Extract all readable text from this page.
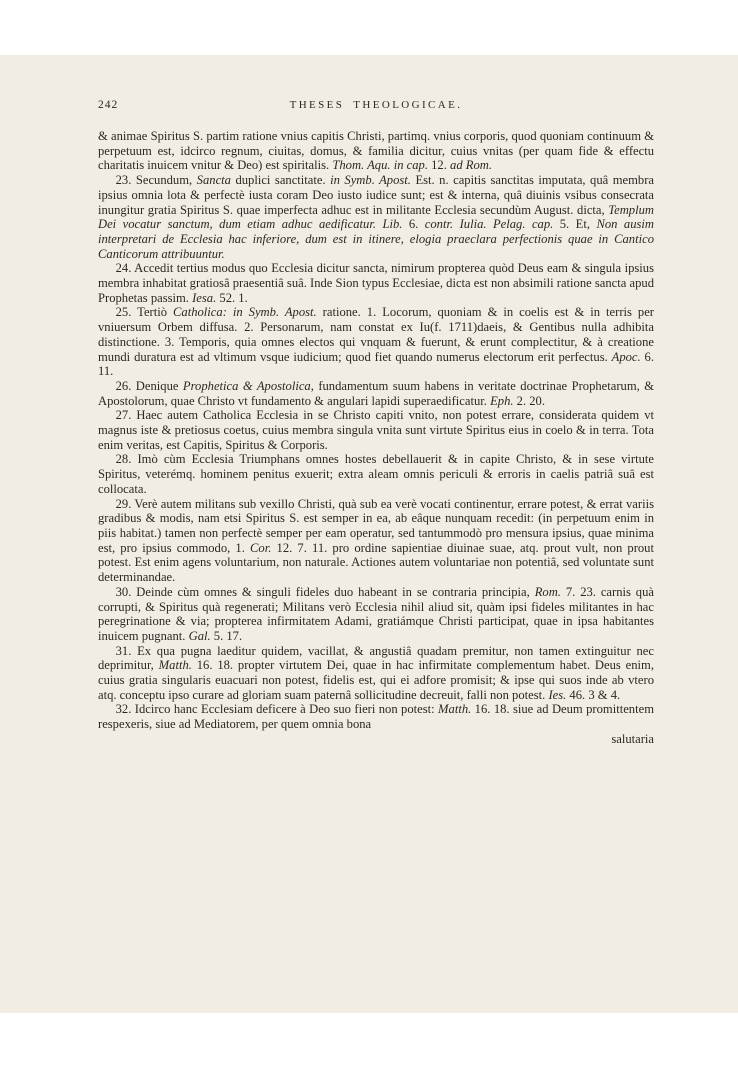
242	THESES THEOLOGICAE.

& animae Spiritus S. partim ratione vnius capitis Christi, partimq. vnius corporis, quod quoniam continuum & perpetuum est, idcirco regnum, ciuitas, domus, & familia dicitur, cuius vnitas (per quam fide & effectu charitatis inuicem vnitur & Deo) est spiritalis. Thom. Aqu. in cap. 12. ad Rom.

23. Secundum, Sancta duplici sanctitate. in Symb. Apost. Est. n. capitis sanctitas imputata, quâ membra ipsius omnia lota & perfectè iusta coram Deo iusto iudice sunt; est & interna, quâ diuinis vsibus consecrata inungitur gratia Spiritus S. quae imperfecta adhuc est in militante Ecclesia secundùm August. dicta, Templum Dei vocatur sanctum, dum etiam adhuc aedificatur. Lib. 6. contr. Iulia. Pelag. cap. 5. Et, Non ausim interpretari de Ecclesia hac inferiore, dum est in itinere, elogia praeclara perfectionis quae in Cantico Canticorum attribuuntur.

24. Accedit tertius modus quo Ecclesia dicitur sancta, nimirum propterea quòd Deus eam & singula ipsius membra inhabitat gratiosâ praesentiâ suâ. Inde Sion typus Ecclesiae, dicta est non absimili ratione sancta apud Prophetas passim. Iesa. 52. 1.

25. Tertiò Catholica: in Symb. Apost. ratione. 1. Locorum, quoniam & in coelis est & in terris per vniuersum Orbem diffusa. 2. Personarum, nam constat ex Iu(f. 1711)daeis, & Gentibus nulla adhibita distinctione. 3. Temporis, quia omnes electos qui vnquam & fuerunt, & erunt complectitur, & à creatione mundi duratura est ad vltimum vsque iudicium; quod fiet quando numerus electorum erit perfectus. Apoc. 6. 11.

26. Denique Prophetica & Apostolica, fundamentum suum habens in veritate doctrinae Prophetarum, & Apostolorum, quae Christo vt fundamento & angulari lapidi superaedificatur. Eph. 2. 20.

27. Haec autem Catholica Ecclesia in se Christo capiti vnito, non potest errare, considerata quidem vt magnus iste & pretiosus coetus, cuius membra singula vnita sunt virtute Spiritus eius in coelo & in terra. Tota enim veritas, est Capitis, Spiritus & Corporis.

28. Imò cùm Ecclesia Triumphans omnes hostes debellauerit & in capite Christo, & in sese virtute Spiritus, veterémq. hominem penitus exuerit; extra aleam omnis periculi & erroris in caelis patriâ suâ est collocata.

29. Verè autem militans sub vexillo Christi, quà sub ea verè vocati continentur, errare potest, & errat variis gradibus & modis, nam etsi Spiritus S. est semper in ea, ab eâque nunquam recedit: (in perpetuum enim in piis habitat.) tamen non perfectè semper per eam operatur, sed tantummodò pro mensura ipsius, quae minima est, pro ipsius commodo, 1. Cor. 12. 7. 11. pro ordine sapientiae diuinae suae, atq. prout vult, non prout potest. Est enim agens voluntarium, non naturale. Actiones autem voluntariae non potentiâ, sed voluntate sunt determinandae.

30. Deinde cùm omnes & singuli fideles duo habeant in se contraria principia, Rom. 7. 23. carnis quà corrupti, & Spiritus quà regenerati; Militans verò Ecclesia nihil aliud sit, quàm ipsi fideles militantes in hac peregrinatione & via; propterea infirmitatem Adami, gratiámque Christi participat, quae in ipsa habitantes inuicem pugnant. Gal. 5. 17.

31. Ex qua pugna laeditur quidem, vacillat, & angustiâ quadam premitur, non tamen extinguitur nec deprimitur, Matth. 16. 18. propter virtutem Dei, quae in hac infirmitate complementum habet. Deus enim, cuius gratia singularis euacuari non potest, fidelis est, qui ei adfore promisit; & ipse qui suos inde ab vtero atq. conceptu ipso curare ad gloriam suam paternâ sollicitudine decreuit, falli non potest. Ies. 46. 3 & 4.

32. Idcirco hanc Ecclesiam deficere à Deo suo fieri non potest: Matth. 16. 18. siue ad Deum promittentem respexeris, siue ad Mediatorem, per quem omnia bona

salutaria
